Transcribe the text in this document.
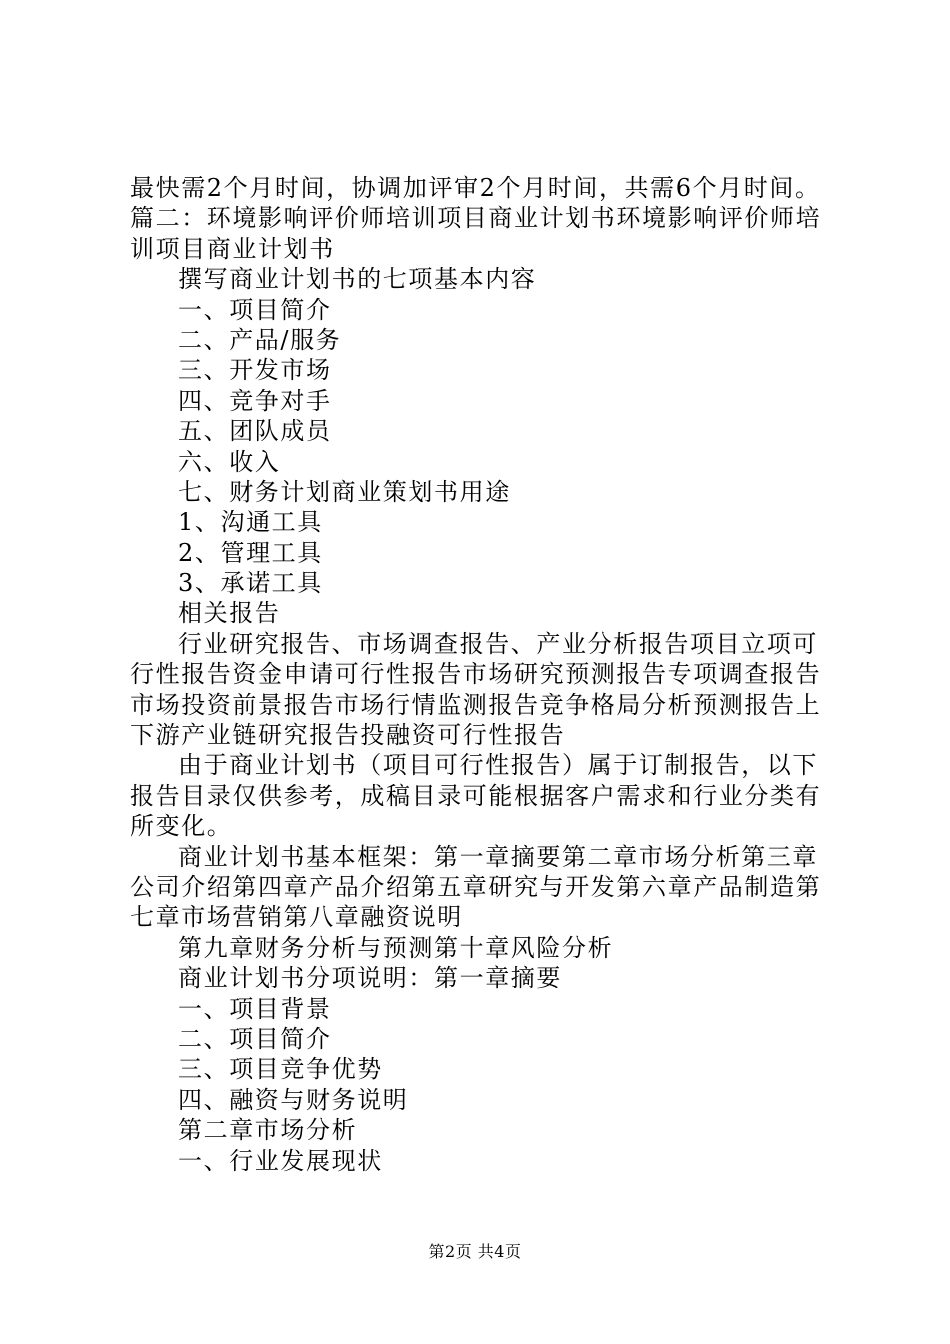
最快需2个月时间，协调加评审2个月时间，共需6个月时间。
篇二：环境影响评价师培训项目商业计划书环境影响评价师培
训项目商业计划书
撰写商业计划书的七项基本内容
一、项目简介
二、产品/服务
三、开发市场
四、竞争对手
五、团队成员
六、收入
七、财务计划商业策划书用途
1、沟通工具
2、管理工具
3、承诺工具
相关报告
行业研究报告、市场调查报告、产业分析报告项目立项可
行性报告资金申请可行性报告市场研究预测报告专项调查报告
市场投资前景报告市场行情监测报告竞争格局分析预测报告上
下游产业链研究报告投融资可行性报告
由于商业计划书（项目可行性报告）属于订制报告，以下
报告目录仅供参考，成稿目录可能根据客户需求和行业分类有
所变化。
商业计划书基本框架：第一章摘要第二章市场分析第三章
公司介绍第四章产品介绍第五章研究与开发第六章产品制造第
七章市场营销第八章融资说明
第九章财务分析与预测第十章风险分析
商业计划书分项说明：第一章摘要
一、项目背景
二、项目简介
三、项目竞争优势
四、融资与财务说明
第二章市场分析
一、行业发展现状
第2页 共4页
